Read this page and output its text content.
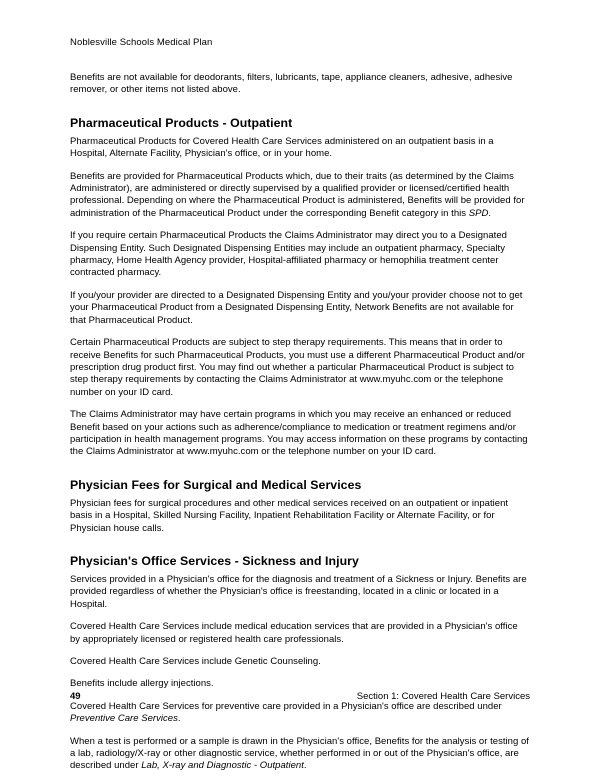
Noblesville Schools Medical Plan

Benefits are not available for deodorants, filters, lubricants, tape, appliance cleaners, adhesive, adhesive remover, or other items not listed above.

Pharmaceutical Products - Outpatient

Pharmaceutical Products for Covered Health Care Services administered on an outpatient basis in a Hospital, Alternate Facility, Physician's office, or in your home.

Benefits are provided for Pharmaceutical Products which, due to their traits (as determined by the Claims Administrator), are administered or directly supervised by a qualified provider or licensed/certified health professional. Depending on where the Pharmaceutical Product is administered, Benefits will be provided for administration of the Pharmaceutical Product under the corresponding Benefit category in this SPD.

If you require certain Pharmaceutical Products the Claims Administrator may direct you to a Designated Dispensing Entity. Such Designated Dispensing Entities may include an outpatient pharmacy, Specialty pharmacy, Home Health Agency provider, Hospital-affiliated pharmacy or hemophilia treatment center contracted pharmacy.

If you/your provider are directed to a Designated Dispensing Entity and you/your provider choose not to get your Pharmaceutical Product from a Designated Dispensing Entity, Network Benefits are not available for that Pharmaceutical Product.

Certain Pharmaceutical Products are subject to step therapy requirements. This means that in order to receive Benefits for such Pharmaceutical Products, you must use a different Pharmaceutical Product and/or prescription drug product first. You may find out whether a particular Pharmaceutical Product is subject to step therapy requirements by contacting the Claims Administrator at www.myuhc.com or the telephone number on your ID card.

The Claims Administrator may have certain programs in which you may receive an enhanced or reduced Benefit based on your actions such as adherence/compliance to medication or treatment regimens and/or participation in health management programs. You may access information on these programs by contacting the Claims Administrator at www.myuhc.com or the telephone number on your ID card.

Physician Fees for Surgical and Medical Services

Physician fees for surgical procedures and other medical services received on an outpatient or inpatient basis in a Hospital, Skilled Nursing Facility, Inpatient Rehabilitation Facility or Alternate Facility, or for Physician house calls.

Physician's Office Services - Sickness and Injury

Services provided in a Physician's office for the diagnosis and treatment of a Sickness or Injury. Benefits are provided regardless of whether the Physician's office is freestanding, located in a clinic or located in a Hospital.

Covered Health Care Services include medical education services that are provided in a Physician's office by appropriately licensed or registered health care professionals.

Covered Health Care Services include Genetic Counseling.

Benefits include allergy injections.

Covered Health Care Services for preventive care provided in a Physician's office are described under Preventive Care Services.

When a test is performed or a sample is drawn in the Physician's office, Benefits for the analysis or testing of a lab, radiology/X-ray or other diagnostic service, whether performed in or out of the Physician's office, are described under Lab, X-ray and Diagnostic - Outpatient.

49	Section 1: Covered Health Care Services
